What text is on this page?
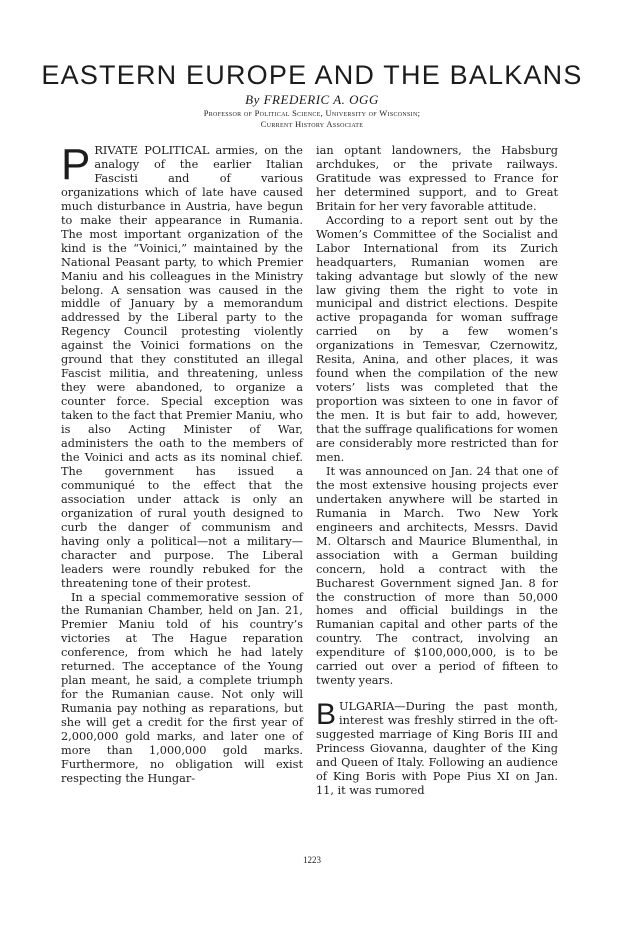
EASTERN EUROPE AND THE BALKANS
By FREDERIC A. OGG
Professor of Political Science, University of Wisconsin;
Current History Associate

PRIVATE POLITICAL armies, on the analogy of the earlier Italian Fascisti and of various organizations which of late have caused much disturbance in Austria, have begun to make their appearance in Rumania. The most important organization of the kind is the “Voinici,” maintained by the National Peasant party, to which Premier Maniu and his colleagues in the Ministry belong. A sensation was caused in the middle of January by a memorandum addressed by the Liberal party to the Regency Council protesting violently against the Voinici formations on the ground that they constituted an illegal Fascist militia, and threatening, unless they were abandoned, to organize a counter force. Special exception was taken to the fact that Premier Maniu, who is also Acting Minister of War, administers the oath to the members of the Voinici and acts as its nominal chief. The government has issued a communiqué to the effect that the association under attack is only an organization of rural youth designed to curb the danger of communism and having only a political—not a military—character and purpose. The Liberal leaders were roundly rebuked for the threatening tone of their protest.

In a special commemorative session of the Rumanian Chamber, held on Jan. 21, Premier Maniu told of his country’s victories at The Hague reparation conference, from which he had lately returned. The acceptance of the Young plan meant, he said, a complete triumph for the Rumanian cause. Not only will Rumania pay nothing as reparations, but she will get a credit for the first year of 2,000,000 gold marks, and later one of more than 1,000,000 gold marks. Furthermore, no obligation will exist respecting the Hungar-

ian optant landowners, the Habsburg archdukes, or the private railways. Gratitude was expressed to France for her determined support, and to Great Britain for her very favorable attitude.

According to a report sent out by the Women’s Committee of the Socialist and Labor International from its Zurich headquarters, Rumanian women are taking advantage but slowly of the new law giving them the right to vote in municipal and district elections. Despite active propaganda for woman suffrage carried on by a few women’s organizations in Temesvar, Czernowitz, Resita, Anina, and other places, it was found when the compilation of the new voters’ lists was completed that the proportion was sixteen to one in favor of the men. It is but fair to add, however, that the suffrage qualifications for women are considerably more restricted than for men.

It was announced on Jan. 24 that one of the most extensive housing projects ever undertaken anywhere will be started in Rumania in March. Two New York engineers and architects, Messrs. David M. Oltarsch and Maurice Blumenthal, in association with a German building concern, hold a contract with the Bucharest Government signed Jan. 8 for the construction of more than 50,000 homes and official buildings in the Rumanian capital and other parts of the country. The contract, involving an expenditure of $100,000,000, is to be carried out over a period of fifteen to twenty years.

BULGARIA—During the past month, interest was freshly stirred in the oft-suggested marriage of King Boris III and Princess Giovanna, daughter of the King and Queen of Italy. Following an audience of King Boris with Pope Pius XI on Jan. 11, it was rumored

1223
